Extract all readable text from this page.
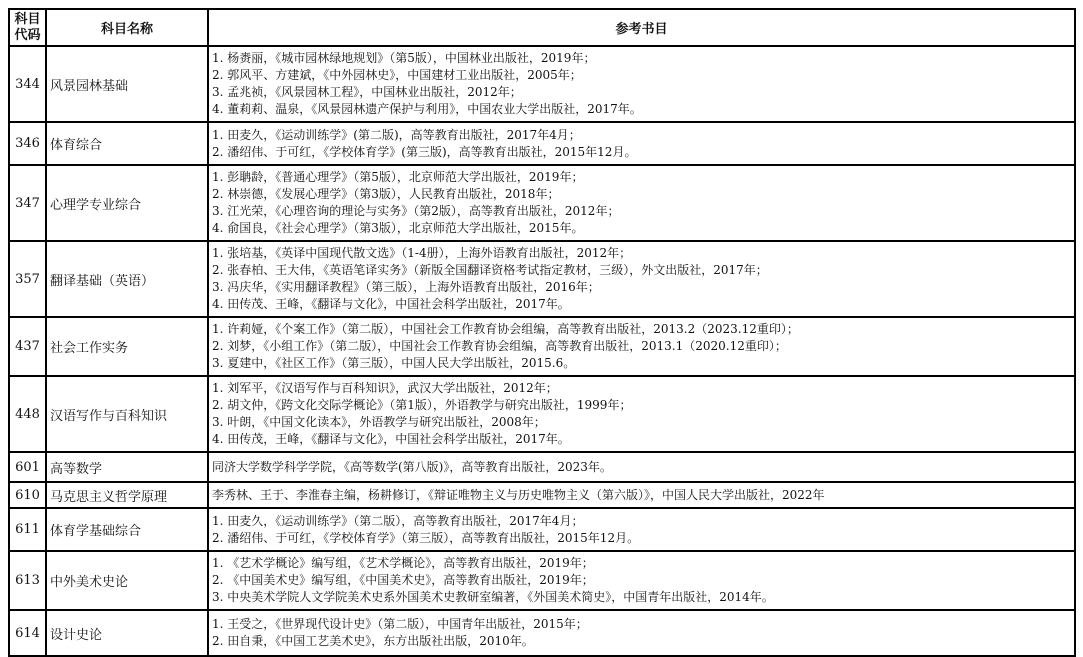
科目代码	科目名称	参考书目
344	风景园林基础	1. 杨赉丽，《城市园林绿地规划》（第5版），中国林业出版社，2019年；
2. 郭风平、方建斌，《中外园林史》，中国建材工业出版社，2005年；
3. 孟兆祯，《风景园林工程》，中国林业出版社，2012年；
4. 董莉莉、温泉，《风景园林遗产保护与利用》，中国农业大学出版社，2017年。

346	体育综合	1. 田麦久，《运动训练学》(第二版)，高等教育出版社，2017年4月；
2. 潘绍伟、于可红，《学校体育学》(第三版)，高等教育出版社，2015年12月。

347	心理学专业综合	1. 彭聃龄，《普通心理学》（第5版），北京师范大学出版社，2019年；
2. 林崇德，《发展心理学》（第3版），人民教育出版社，2018年；
3. 江光荣，《心理咨询的理论与实务》（第2版），高等教育出版社，2012年；
4. 俞国良，《社会心理学》（第3版），北京师范大学出版社，2015年。

357	翻译基础（英语）	1. 张培基，《英译中国现代散文选》（1-4册），上海外语教育出版社，2012年；
2. 张春柏、王大伟，《英语笔译实务》（新版全国翻译资格考试指定教材，三级），外文出版社，2017年；
3. 冯庆华，《实用翻译教程》（第三版），上海外语教育出版社，2016年；
4. 田传茂、王峰，《翻译与文化》，中国社会科学出版社，2017年。

437	社会工作实务	1. 许莉娅，《个案工作》（第二版），中国社会工作教育协会组编，高等教育出版社，2013.2（2023.12重印）；
2. 刘梦，《小组工作》（第二版），中国社会工作教育协会组编，高等教育出版社，2013.1（2020.12重印）；
3. 夏建中，《社区工作》（第三版），中国人民大学出版社，2015.6。

448	汉语写作与百科知识	1. 刘军平，《汉语写作与百科知识》，武汉大学出版社，2012年；
2. 胡文仲，《跨文化交际学概论》（第1版），外语教学与研究出版社，1999年；
3. 叶朗，《中国文化读本》，外语教学与研究出版社，2008年；
4. 田传茂，王峰，《翻译与文化》，中国社会科学出版社，2017年。

601	高等数学	同济大学数学科学学院，《高等数学(第八版)》，高等教育出版社，2023年。

610	马克思主义哲学原理	李秀林、王于、李淮春主编，杨耕修订，《辩证唯物主义与历史唯物主义（第六版）》，中国人民大学出版社，2022年

611	体育学基础综合	1. 田麦久，《运动训练学》（第二版），高等教育出版社，2017年4月；
2. 潘绍伟、于可红，《学校体育学》（第三版），高等教育出版社，2015年12月。

613	中外美术史论	1. 《艺术学概论》编写组，《艺术学概论》，高等教育出版社，2019年；
2. 《中国美术史》编写组，《中国美术史》，高等教育出版社，2019年；
3. 中央美术学院人文学院美术史系外国美术史教研室编著，《外国美术简史》，中国青年出版社，2014年。

614	设计史论	1. 王受之，《世界现代设计史》（第二版），中国青年出版社，2015年；
2. 田自秉，《中国工艺美术史》，东方出版社出版，2010年。
